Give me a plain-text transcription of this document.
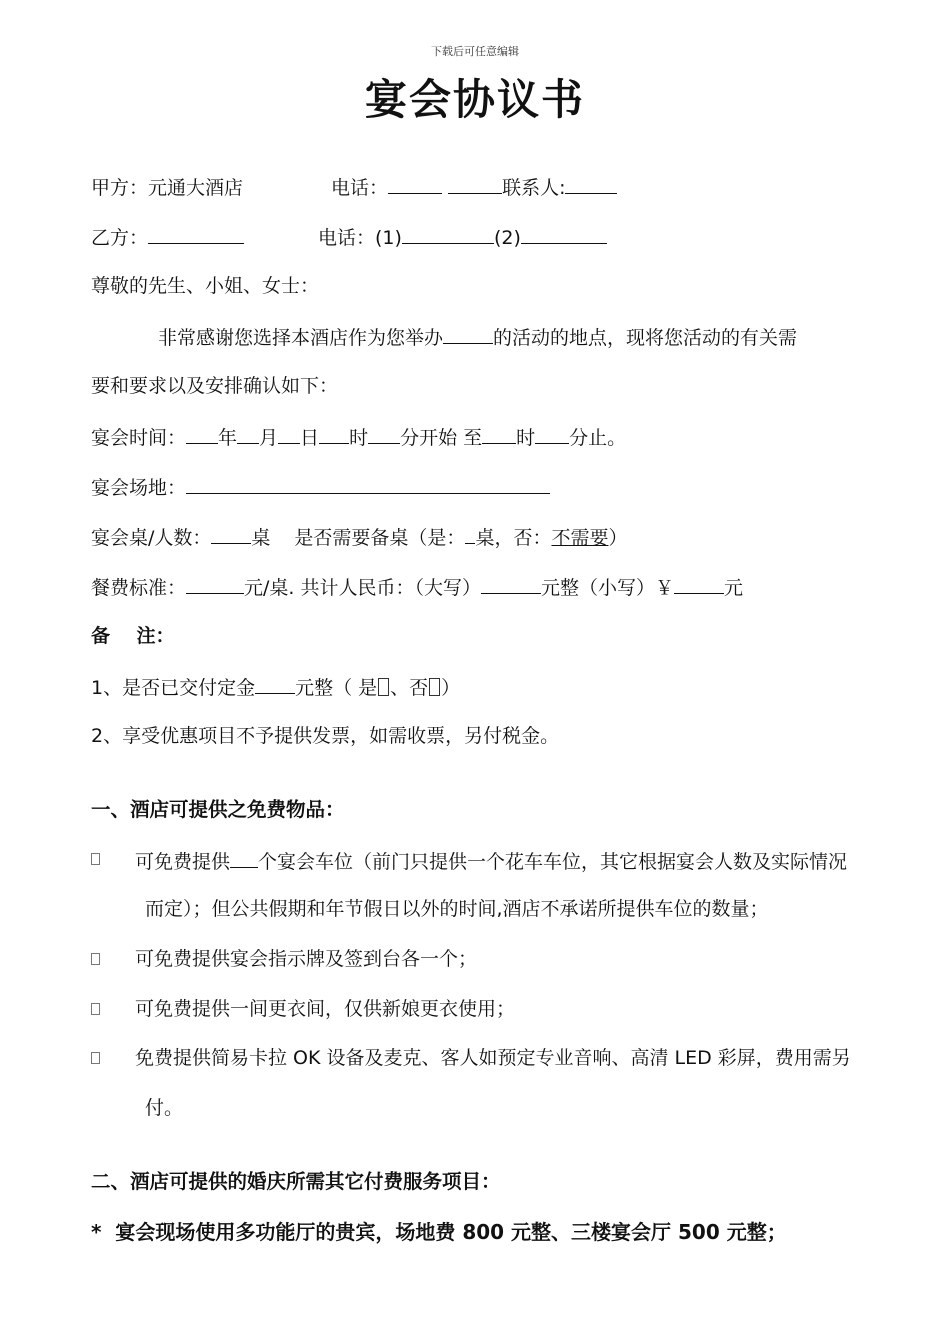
下载后可任意编辑
宴会协议书
甲方：元通大酒店	电话：	联系人:
乙方：	电话：(1)	(2)
尊敬的先生、小姐、女士：
非常感谢您选择本酒店作为您举办	的活动的地点，现将您活动的有关需
要和要求以及安排确认如下：
宴会时间： 年 月 日 时 分开始 至 时 分止。
宴会场地：
宴会桌/人数： 桌 是否需要备桌（是： 桌，否：不需要）
餐费标准：	元/桌. 共计人民币：（大写）	元整（小写）￥	元
备    注：
1、是否已交付定金 元整（ 是 、否 ）
2、享受优惠项目不予提供发票，如需收票，另付税金。
一、酒店可提供之免费物品：
可免费提供 个宴会车位（前门只提供一个花车车位，其它根据宴会人数及实际情况
而定）；但公共假期和年节假日以外的时间,酒店不承诺所提供车位的数量；
可免费提供宴会指示牌及签到台各一个；
可免费提供一间更衣间，仅供新娘更衣使用；
免费提供简易卡拉 OK 设备及麦克、客人如预定专业音响、高清 LED 彩屏，费用需另
付。
二、酒店可提供的婚庆所需其它付费服务项目：
*  宴会现场使用多功能厅的贵宾，场地费 800 元整、三楼宴会厅 500 元整；
